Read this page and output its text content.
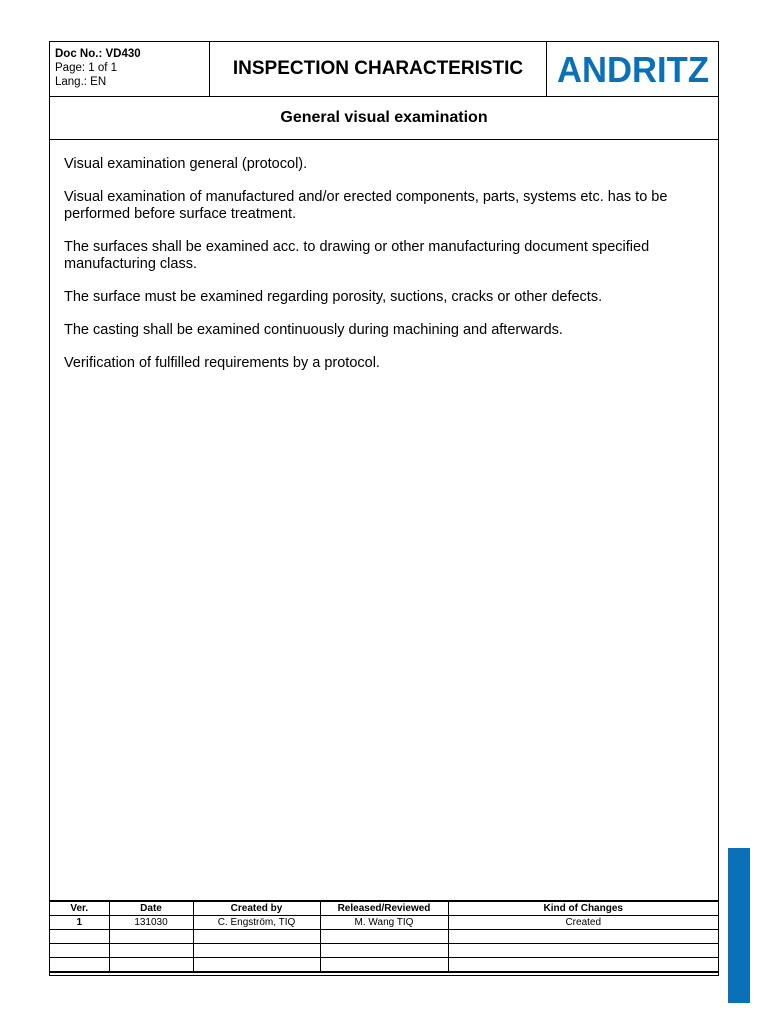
Doc No.: VD430
Page: 1 of 1
Lang.: EN
INSPECTION CHARACTERISTIC ANDRITZ
General visual examination

Visual examination general (protocol).

Visual examination of manufactured and/or erected components, parts, systems etc. has to be performed before surface treatment.

The surfaces shall be examined acc. to drawing or other manufacturing document specified manufacturing class.

The surface must be examined regarding porosity, suctions, cracks or other defects.

The casting shall be examined continuously during machining and afterwards.

Verification of fulfilled requirements by a protocol.

Ver.	Date	Created by	Released/Reviewed	Kind of Changes
1	131030	C. Engström, TIQ	M. Wang TIQ	Created
